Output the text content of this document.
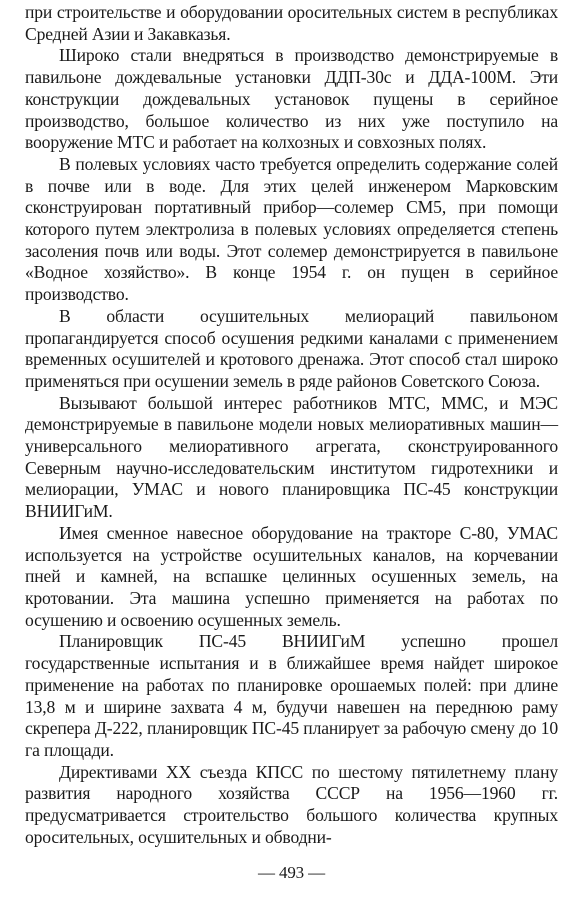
при строительстве и оборудовании оросительных систем в республиках Средней Азии и Закавказья.

Широко стали внедряться в производство демонстрируемые в павильоне дождевальные установки ДДП-30с и ДДА-100М. Эти конструкции дождевальных установок пущены в серийное производство, большое количество из них уже поступило на вооружение МТС и работает на колхозных и совхозных полях.

В полевых условиях часто требуется определить содержание солей в почве или в воде. Для этих целей инженером Марковским сконструирован портативный прибор—солемер СМ5, при помощи которого путем электролиза в полевых условиях определяется степень засоления почв или воды. Этот солемер демонстрируется в павильоне «Водное хозяйство». В конце 1954 г. он пущен в серийное производство.

В области осушительных мелиораций павильоном пропагандируется способ осушения редкими каналами с применением временных осушителей и кротового дренажа. Этот способ стал широко применяться при осушении земель в ряде районов Советского Союза.

Вызывают большой интерес работников МТС, ММС, и МЭС демонстрируемые в павильоне модели новых мелиоративных машин—универсального мелиоративного агрегата, сконструированного Северным научно-исследовательским институтом гидротехники и мелиорации, УМАС и нового планировщика ПС-45 конструкции ВНИИГиМ.

Имея сменное навесное оборудование на тракторе С-80, УМАС используется на устройстве осушительных каналов, на корчевании пней и камней, на вспашке целинных осушенных земель, на кротовании. Эта машина успешно применяется на работах по осушению и освоению осушенных земель.

Планировщик ПС-45 ВНИИГиМ успешно прошел государственные испытания и в ближайшее время найдет широкое применение на работах по планировке орошаемых полей: при длине 13,8 м и ширине захвата 4 м, будучи навешен на переднюю раму скрепера Д-222, планировщик ПС-45 планирует за рабочую смену до 10 га площади.

Директивами XX съезда КПСС по шестому пятилетнему плану развития народного хозяйства СССР на 1956—1960 гг. предусматривается строительство большого количества крупных оросительных, осушительных и обводни-

— 493 —
